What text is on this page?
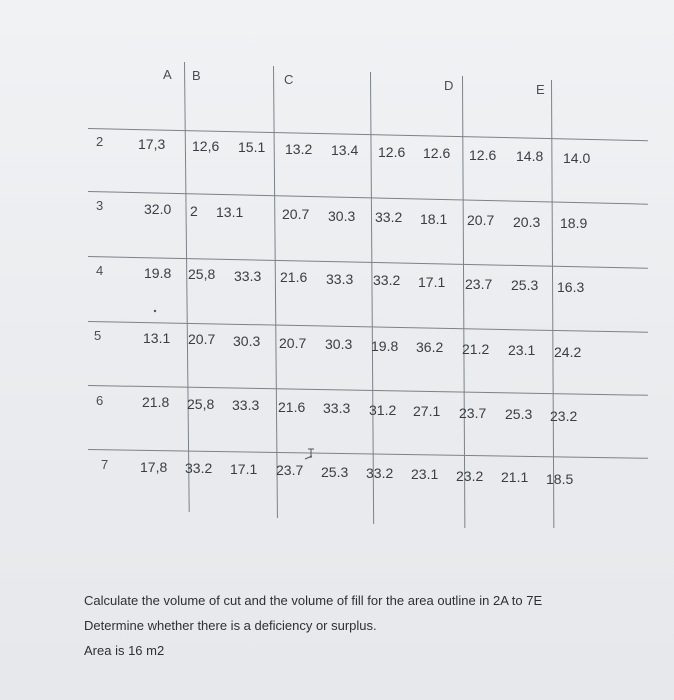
A B	C	D	E
2 17,3 12,6 15.1 13.2 13.4 12.6 12.6 12.6 14.8 14.0
3	32.0 2 13.1	20.7 30.3 33.2 18.1 20.7 20.3 18.9
4	19.8 25,8 33.3 21.6 33.3 33.2 17.1 23.7 25.3 16.3
5	13.1 20.7 30.3 20.7 30.3 19.8 36.2 21.2 23.1 24.2
6	21.8 25,8 33.3 21.6 33.3 31.2 27.1 23.7 25.3 23.2
7 17,8 33.2 17.1 23.7 25.3 33.2 23.1 23.2 21.1 18.5
Calculate the volume of cut and the volume of fill for the area outline in 2A to 7E
Determine whether there is a deficiency or surplus.
Area is 16 m2
